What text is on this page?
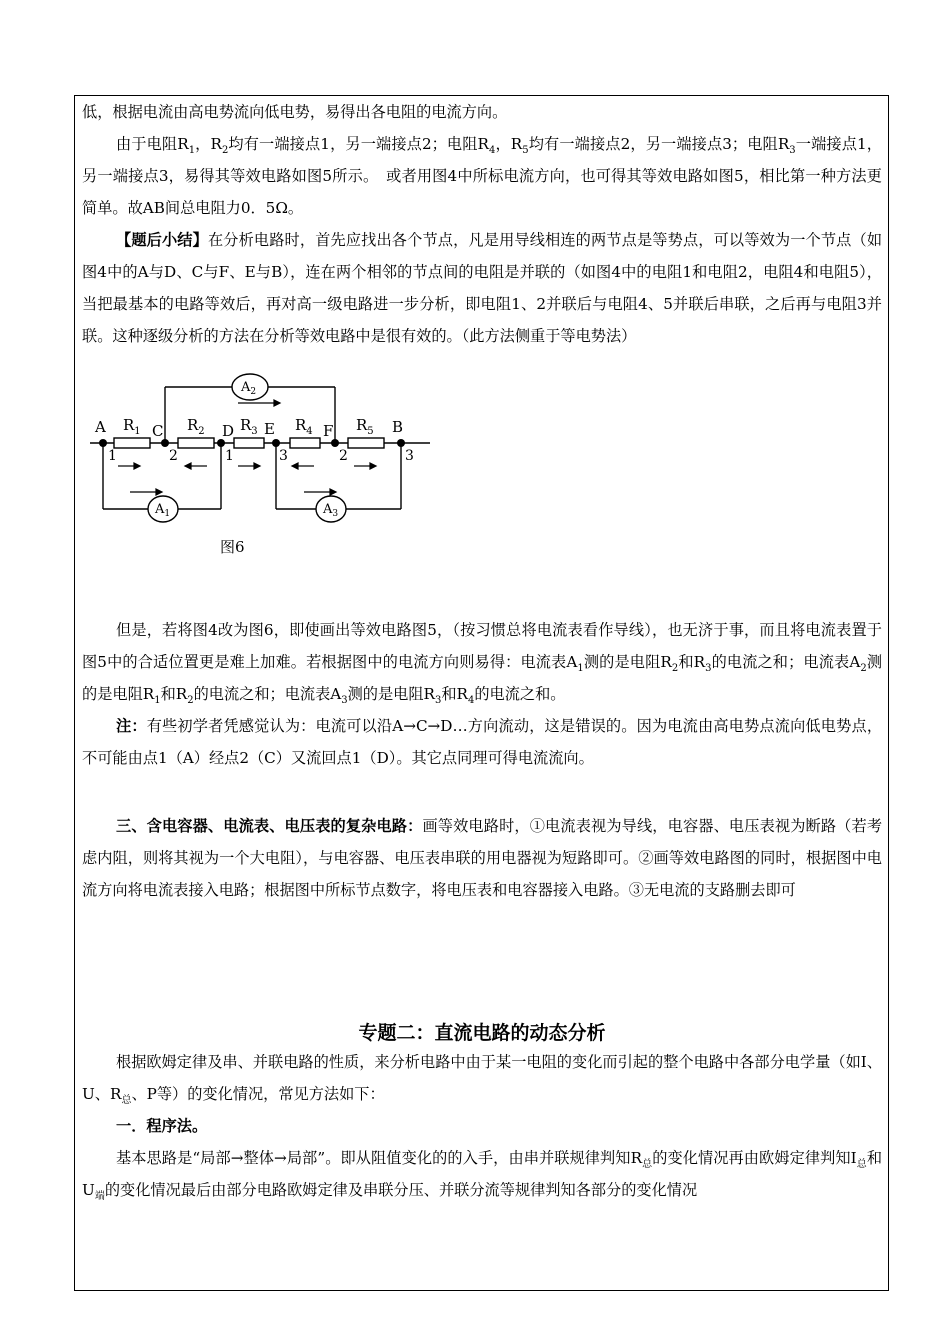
低，根据电流由高电势流向低电势，易得出各电阻的电流方向。

由于电阻$R_1$，$R_2$均有一端接点1，另一端接点2；电阻$R_4$，$R_5$均有一端接点2，另一端接点3；电阻$R_3$一端接点1，另一端接点3，易得其等效电路如图5所示。　或者用图4中所标电流方向，也可得其等效电路如图5，相比第一种方法更简单。故AB间总电阻力0．5Ω。

【题后小结】在分析电路时，首先应找出各个节点，凡是用导线相连的两节点是等势点，可以等效为一个节点（如图4中的A与D、C与F、E与B），连在两个相邻的节点间的电阻是并联的（如图4中的电阻1和电阻2，电阻4和电阻5），当把最基本的电路等效后，再对高一级电路进一步分析，即电阻1、2并联后与电阻4、5并联后串联，之后再与电阻3并联。这种逐级分析的方法在分析等效电路中是很有效的。（此方法侧重于等电势法）

A	C	D E	F	B
$R_1$	$R_2$ $R_3$ $R_4$	$R_5$
$A_2$
$A_1$	$A_3$
1	2	1	3	2	3
图6

但是，若将图4改为图6，即使画出等效电路图5，（按习惯总将电流表看作导线），也无济于事，而且将电流表置于图5中的合适位置更是难上加难。若根据图中的电流方向则易得：电流表$A_1$测的是电阻$R_2$和$R_3$的电流之和；电流表$A_2$测的是电阻$R_1$和$R_2$的电流之和；电流表$A_3$测的是电阻$R_3$和$R_4$的电流之和。

注：有些初学者凭感觉认为：电流可以沿A→C→D…方向流动，这是错误的。因为电流由高电势点流向低电势点，不可能由点1（A）经点2（C）又流回点1（D）。其它点同理可得电流流向。

三、含电容器、电流表、电压表的复杂电路：画等效电路时，①电流表视为导线，电容器、电压表视为断路（若考虑内阻，则将其视为一个大电阻），与电容器、电压表串联的用电器视为短路即可。②画等效电路图的同时，根据图中电流方向将电流表接入电路；根据图中所标节点数字，将电压表和电容器接入电路。③无电流的支路删去即可

专题二：直流电路的动态分析

根据欧姆定律及串、并联电路的性质，来分析电路中由于某一电阻的变化而引起的整个电路中各部分电学量（如I、U、$R_总$、P等）的变化情况，常见方法如下：

一．程序法。

基本思路是“局部→整体→局部”。即从阻值变化的的入手，由串并联规律判知$R_总$的变化情况再由欧姆定律判知$I_总$和$U_端$的变化情况最后由部分电路欧姆定律及串联分压、并联分流等规律判知各部分的变化情况
